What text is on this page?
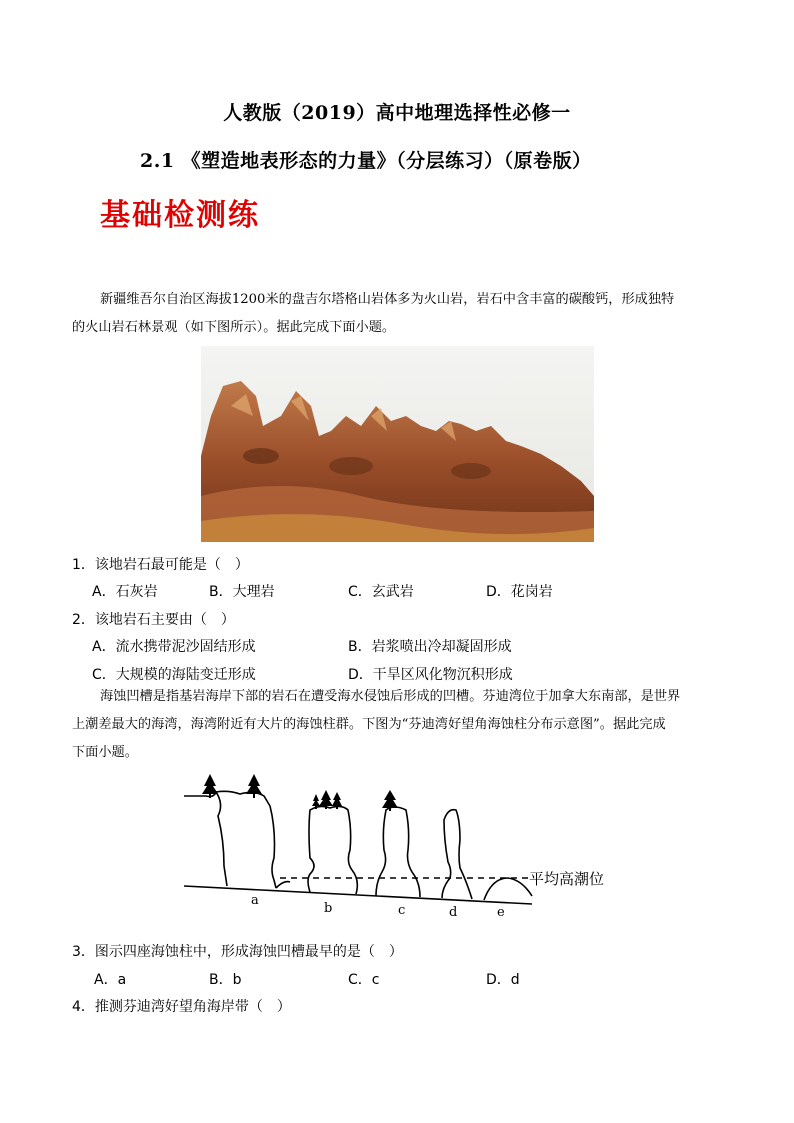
人教版（2019）高中地理选择性必修一
2.1 《塑造地表形态的力量》（分层练习）（原卷版）
基础检测练
新疆维吾尔自治区海拔1200米的盘吉尔塔格山岩体多为火山岩，岩石中含丰富的碳酸钙，形成独特
的火山岩石林景观（如下图所示）。据此完成下面小题。
1．该地岩石最可能是（　）
A．石灰岩	B．大理岩	C．玄武岩	D．花岗岩
2．该地岩石主要由（　）
A．流水携带泥沙固结形成	B．岩浆喷出冷却凝固形成
C．大规模的海陆变迁形成	D．干旱区风化物沉积形成
海蚀凹槽是指基岩海岸下部的岩石在遭受海水侵蚀后形成的凹槽。芬迪湾位于加拿大东南部，是世界
上潮差最大的海湾，海湾附近有大片的海蚀柱群。下图为“芬迪湾好望角海蚀柱分布示意图”。据此完成
下面小题。
平均高潮位
a
b	c	d	e
3．图示四座海蚀柱中，形成海蚀凹槽最早的是（　）
A．a	B．b	C．c	D．d
4．推测芬迪湾好望角海岸带（　）
